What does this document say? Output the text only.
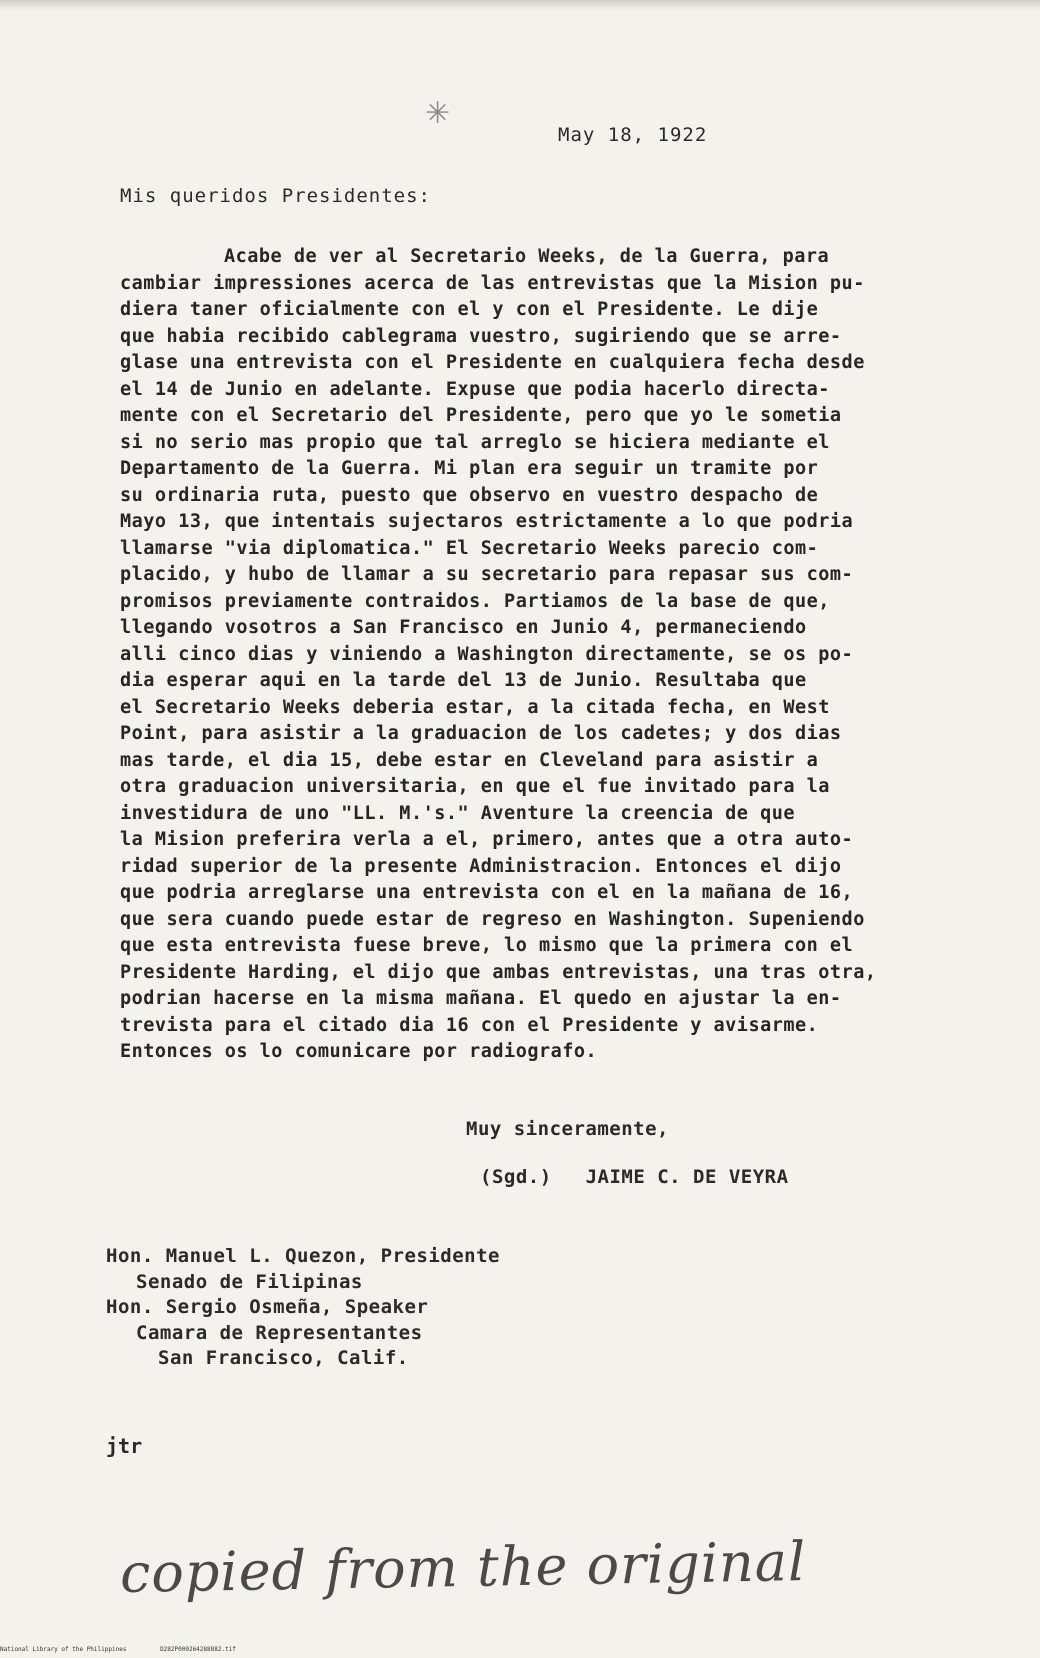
✳
May 18, 1922
Mis queridos Presidentes:
Acabe de ver al Secretario Weeks, de la Guerra, para
cambiar impressiones acerca de las entrevistas que la Mision pu-
diera taner oficialmente con el y con el Presidente. Le dije
que habia recibido cablegrama vuestro, sugiriendo que se arre-
glase una entrevista con el Presidente en cualquiera fecha desde
el 14 de Junio en adelante. Expuse que podia hacerlo directa-
mente con el Secretario del Presidente, pero que yo le sometia
si no serio mas propio que tal arreglo se hiciera mediante el
Departamento de la Guerra. Mi plan era seguir un tramite por
su ordinaria ruta, puesto que observo en vuestro despacho de
Mayo 13, que intentais sujectaros estrictamente a lo que podria
llamarse "via diplomatica." El Secretario Weeks parecio com-
placido, y hubo de llamar a su secretario para repasar sus com-
promisos previamente contraidos. Partiamos de la base de que,
llegando vosotros a San Francisco en Junio 4, permaneciendo
alli cinco dias y viniendo a Washington directamente, se os po-
dia esperar aqui en la tarde del 13 de Junio. Resultaba que
el Secretario Weeks deberia estar, a la citada fecha, en West
Point, para asistir a la graduacion de los cadetes; y dos dias
mas tarde, el dia 15, debe estar en Cleveland para asistir a
otra graduacion universitaria, en que el fue invitado para la
investidura de uno "LL. M.'s." Aventure la creencia de que
la Mision preferira verla a el, primero, antes que a otra auto-
ridad superior de la presente Administracion. Entonces el dijo
que podria arreglarse una entrevista con el en la mañana de 16,
que sera cuando puede estar de regreso en Washington. Supeniendo
que esta entrevista fuese breve, lo mismo que la primera con el
Presidente Harding, el dijo que ambas entrevistas, una tras otra,
podrian hacerse en la misma mañana. El quedo en ajustar la en-
trevista para el citado dia 16 con el Presidente y avisarme.
Entonces os lo comunicare por radiografo.
Muy sinceramente,
(Sgd.) JAIME C. DE VEYRA
Hon. Manuel L. Quezon, Presidente
Senado de Filipinas
Hon. Sergio Osmeña, Speaker
Camara de Representantes
San Francisco, Calif.
jtr
copied from the original
National Library of the Philippines	D282P000264288882.tif
